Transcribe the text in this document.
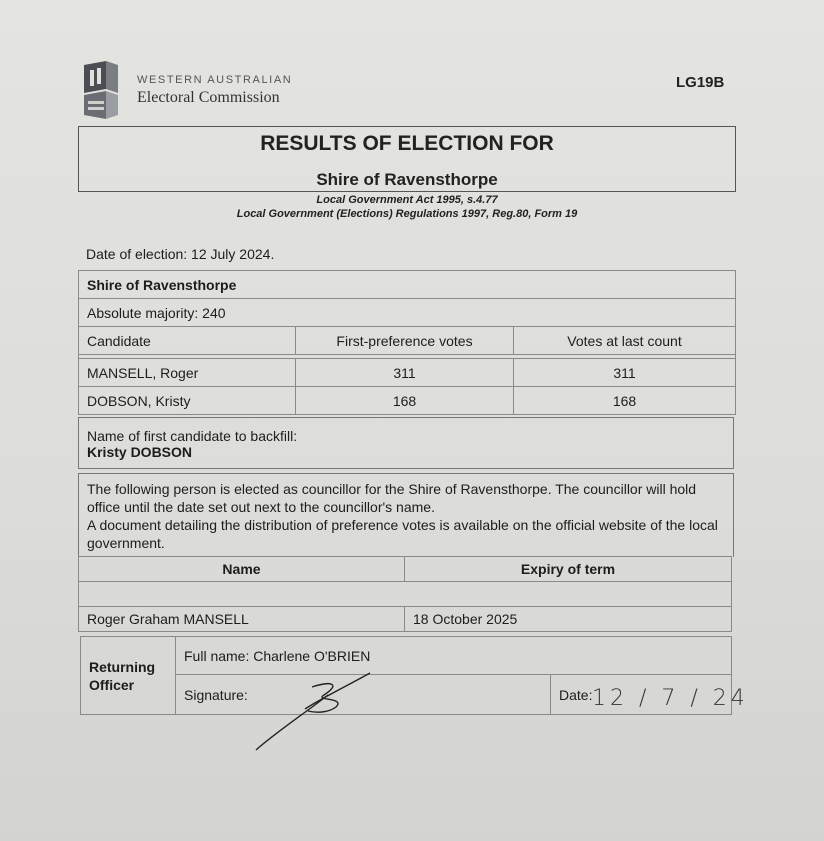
WESTERN AUSTRALIAN
Electoral Commission
LG19B
RESULTS OF ELECTION FOR
Shire of Ravensthorpe
Local Government Act 1995, s.4.77
Local Government (Elections) Regulations 1997, Reg.80, Form 19
Date of election: 12 July 2024.
Shire of Ravensthorpe		
Absolute majority: 240		
Candidate	First-preference votes	Votes at last count

MANSELL, Roger	311	311
DOBSON, Kristy	168	168
Name of first candidate to backfill:
Kristy DOBSON
The following person is elected as councillor for the Shire of Ravensthorpe. The councillor will hold office until the date set out next to the councillor's name.
A document detailing the distribution of preference votes is available on the official website of the local government.
Name	Expiry of term

Roger Graham MANSELL	18 October 2025
Returning
Officer	Full name: Charlene O'BRIEN	
	Signature:	Date: 12 / 7 / 24
